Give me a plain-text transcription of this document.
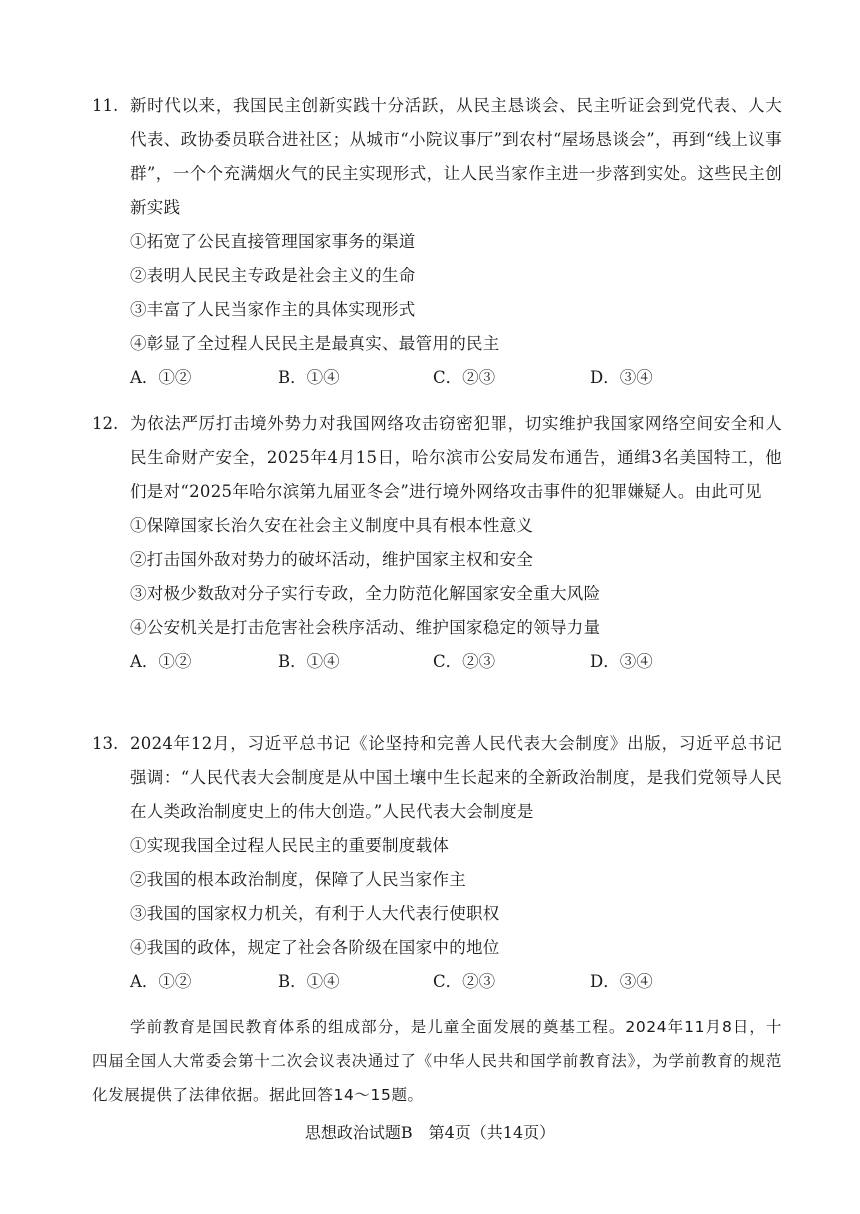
11. 新时代以来，我国民主创新实践十分活跃，从民主恳谈会、民主听证会到党代表、人大代表、政协委员联合进社区；从城市“小院议事厅”到农村“屋场恳谈会”，再到“线上议事群”，一个个充满烟火气的民主实现形式，让人民当家作主进一步落到实处。这些民主创新实践
①拓宽了公民直接管理国家事务的渠道
②表明人民民主专政是社会主义的生命
③丰富了人民当家作主的具体实现形式
④彰显了全过程人民民主是最真实、最管用的民主
A．①②	B．①④	C．②③	D．③④
12. 为依法严厉打击境外势力对我国网络攻击窃密犯罪，切实维护我国家网络空间安全和人民生命财产安全，2025年4月15日，哈尔滨市公安局发布通告，通缉3名美国特工，他们是对“2025年哈尔滨第九届亚冬会”进行境外网络攻击事件的犯罪嫌疑人。由此可见
①保障国家长治久安在社会主义制度中具有根本性意义
②打击国外敌对势力的破坏活动，维护国家主权和安全
③对极少数敌对分子实行专政，全力防范化解国家安全重大风险
④公安机关是打击危害社会秩序活动、维护国家稳定的领导力量
A．①②	B．①④	C．②③	D．③④
13. 2024年12月，习近平总书记《论坚持和完善人民代表大会制度》出版，习近平总书记强调：“人民代表大会制度是从中国土壤中生长起来的全新政治制度，是我们党领导人民在人类政治制度史上的伟大创造。”人民代表大会制度是
①实现我国全过程人民民主的重要制度载体
②我国的根本政治制度，保障了人民当家作主
③我国的国家权力机关，有利于人大代表行使职权
④我国的政体，规定了社会各阶级在国家中的地位
A．①②	B．①④	C．②③	D．③④
学前教育是国民教育体系的组成部分，是儿童全面发展的奠基工程。2024年11月8日，十四届全国人大常委会第十二次会议表决通过了《中华人民共和国学前教育法》，为学前教育的规范化发展提供了法律依据。据此回答14～15题。
思想政治试题B　第4页（共14页）
